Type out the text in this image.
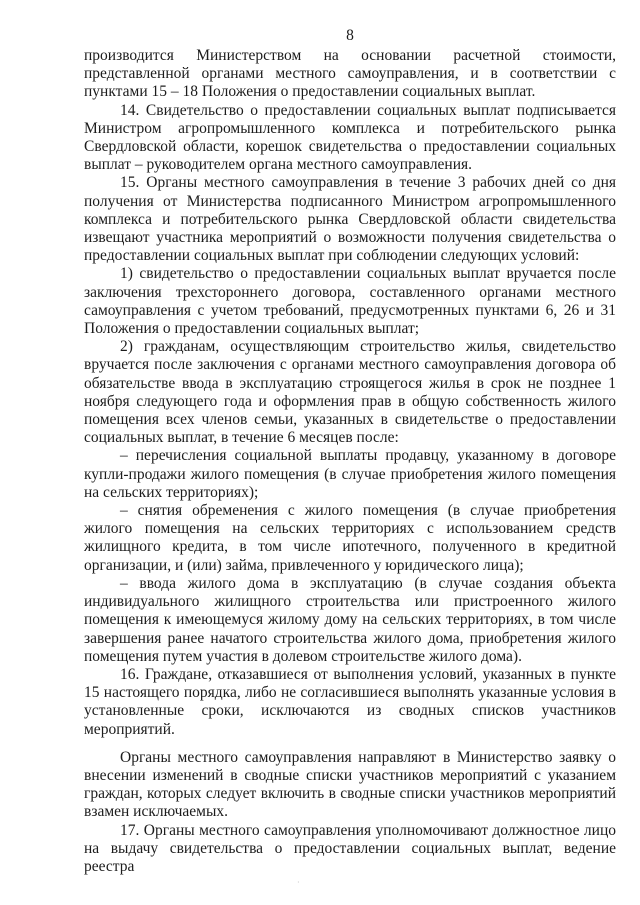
8

производится Министерством на основании расчетной стоимости, представленной органами местного самоуправления, и в соответствии с пунктами 15 – 18 Положения о предоставлении социальных выплат.

14. Свидетельство о предоставлении социальных выплат подписывается Министром агропромышленного комплекса и потребительского рынка Свердловской области, корешок свидетельства о предоставлении социальных выплат – руководителем органа местного самоуправления.

15. Органы местного самоуправления в течение 3 рабочих дней со дня получения от Министерства подписанного Министром агропромышленного комплекса и потребительского рынка Свердловской области свидетельства извещают участника мероприятий о возможности получения свидетельства о предоставлении социальных выплат при соблюдении следующих условий:

1) свидетельство о предоставлении социальных выплат вручается после заключения трехстороннего договора, составленного органами местного самоуправления с учетом требований, предусмотренных пунктами 6, 26 и 31 Положения о предоставлении социальных выплат;

2) гражданам, осуществляющим строительство жилья, свидетельство вручается после заключения с органами местного самоуправления договора об обязательстве ввода в эксплуатацию строящегося жилья в срок не позднее 1 ноября следующего года и оформления прав в общую собственность жилого помещения всех членов семьи, указанных в свидетельстве о предоставлении социальных выплат, в течение 6 месяцев после:

– перечисления социальной выплаты продавцу, указанному в договоре купли-продажи жилого помещения (в случае приобретения жилого помещения на сельских территориях);

– снятия обременения с жилого помещения (в случае приобретения жилого помещения на сельских территориях с использованием средств жилищного кредита, в том числе ипотечного, полученного в кредитной организации, и (или) займа, привлеченного у юридического лица);

– ввода жилого дома в эксплуатацию (в случае создания объекта индивидуального жилищного строительства или пристроенного жилого помещения к имеющемуся жилому дому на сельских территориях, в том числе завершения ранее начатого строительства жилого дома, приобретения жилого помещения путем участия в долевом строительстве жилого дома).

16. Граждане, отказавшиеся от выполнения условий, указанных в пункте 15 настоящего порядка, либо не согласившиеся выполнять указанные условия в установленные сроки, исключаются из сводных списков участников мероприятий.

Органы местного самоуправления направляют в Министерство заявку о внесении изменений в сводные списки участников мероприятий с указанием граждан, которых следует включить в сводные списки участников мероприятий взамен исключаемых.

17. Органы местного самоуправления уполномочивают должностное лицо на выдачу свидетельства о предоставлении социальных выплат, ведение реестра

·
